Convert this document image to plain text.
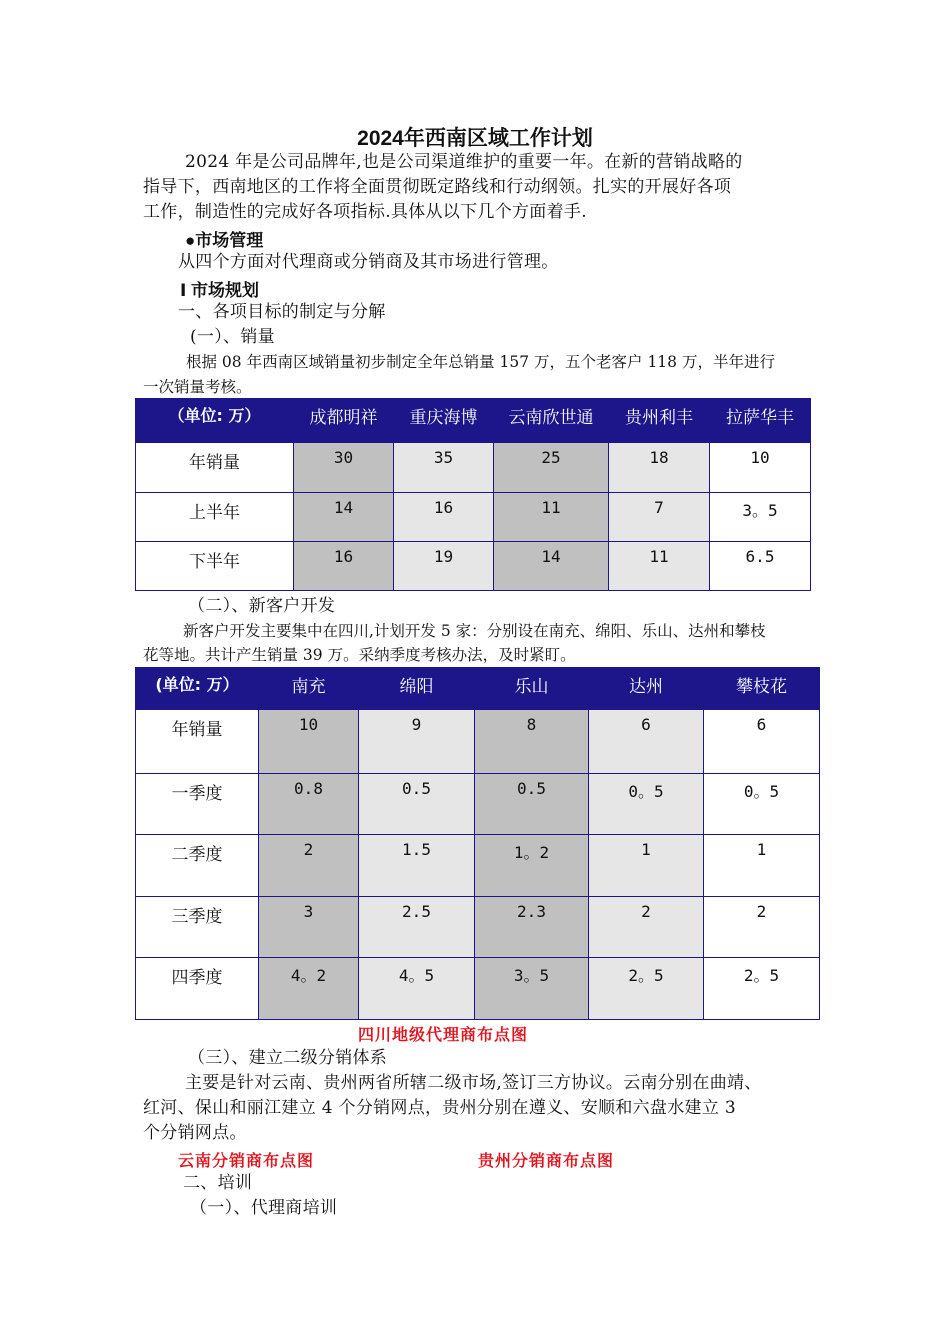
2024年西南区域工作计划
2024 年是公司品牌年,也是公司渠道维护的重要一年。在新的营销战略的
指导下，西南地区的工作将全面贯彻既定路线和行动纲领。扎实的开展好各项
工作，制造性的完成好各项指标.具体从以下几个方面着手.
●市场管理
从四个方面对代理商或分销商及其市场进行管理。
Ⅰ 市场规划
一、各项目标的制定与分解
(一）、销量
根据 08 年西南区域销量初步制定全年总销量 157 万，五个老客户 118 万，半年进行
一次销量考核。
（单位: 万）	成都明祥	重庆海博	云南欣世通	贵州利丰	拉萨华丰
年销量	30	35	25	18	10
上半年	14	16	11	7	3。5
下半年	16	19	14	11	6.5
（二）、新客户开发
新客户开发主要集中在四川,计划开发 5 家：分别设在南充、绵阳、乐山、达州和攀枝
花等地。共计产生销量 39 万。采纳季度考核办法，及时紧盯。
(单位: 万）	南充	绵阳	乐山	达州	攀枝花
年销量	10	9	8	6	6
一季度	0.8	0.5	0.5	0。5	0。5
二季度	2	1.5	1。2	1	1
三季度	3	2.5	2.3	2	2
四季度	4。2	4。5	3。5	2。5	2。5
四川地级代理商布点图
（三）、建立二级分销体系
主要是针对云南、贵州两省所辖二级市场,签订三方协议。云南分别在曲靖、
红河、保山和丽江建立 4 个分销网点，贵州分别在遵义、安顺和六盘水建立 3
个分销网点。
云南分销商布点图	贵州分销商布点图
二、培训
（一）、代理商培训
